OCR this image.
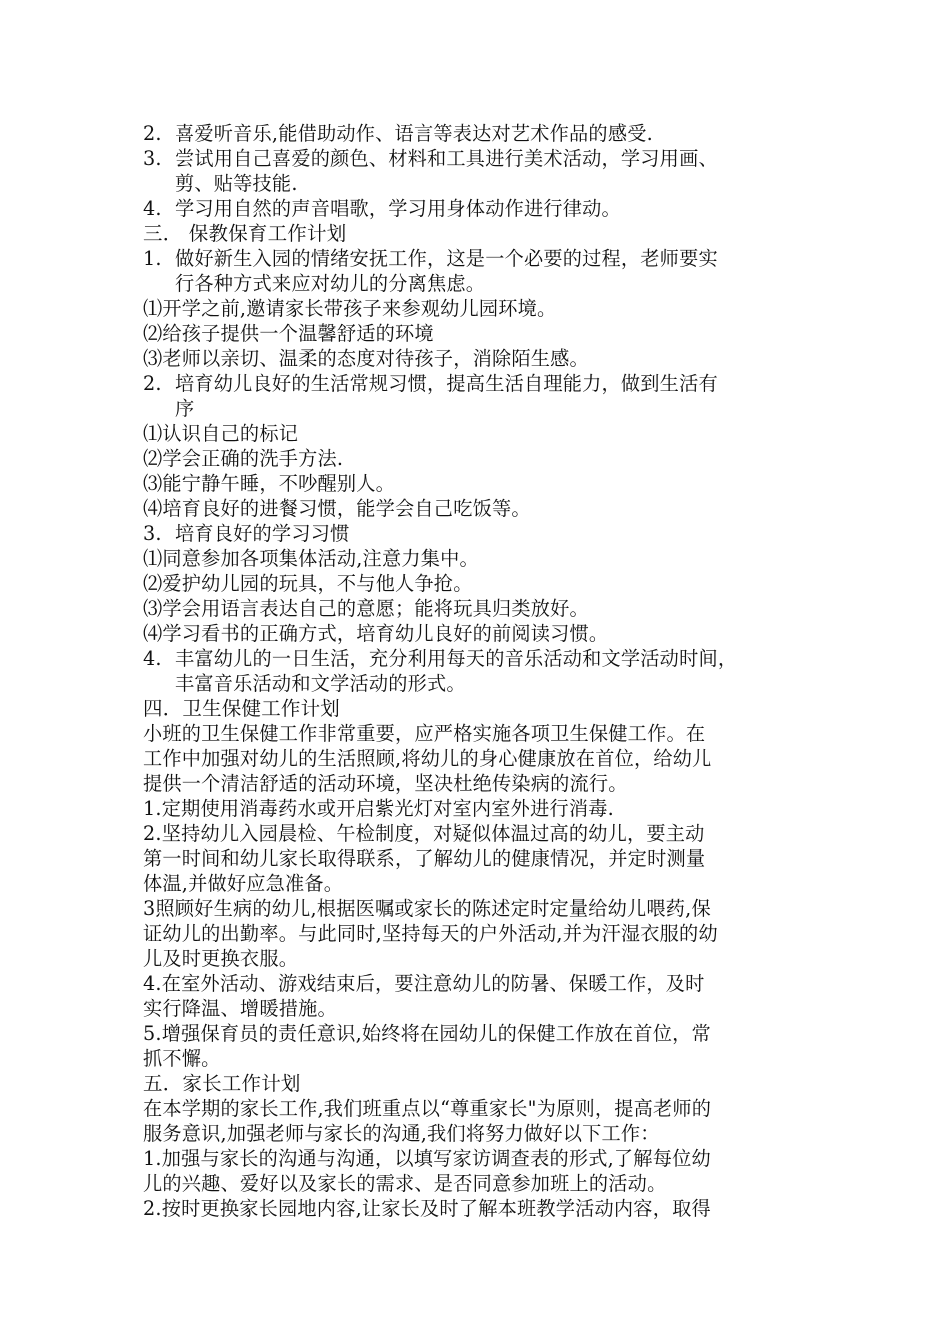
2. 喜爱听音乐,能借助动作、语言等表达对艺术作品的感受.
3. 尝试用自己喜爱的颜色、材料和工具进行美术活动，学习用画、
剪、贴等技能.
4. 学习用自然的声音唱歌，学习用身体动作进行律动。
三． 保教保育工作计划
1. 做好新生入园的情绪安抚工作，这是一个必要的过程，老师要实
行各种方式来应对幼儿的分离焦虑。
⑴开学之前,邀请家长带孩子来参观幼儿园环境。
⑵给孩子提供一个温馨舒适的环境
⑶老师以亲切、温柔的态度对待孩子，消除陌生感。
2. 培育幼儿良好的生活常规习惯，提高生活自理能力，做到生活有
序
⑴认识自己的标记
⑵学会正确的洗手方法.
⑶能宁静午睡，不吵醒别人。
⑷培育良好的进餐习惯，能学会自己吃饭等。
3. 培育良好的学习习惯
⑴同意参加各项集体活动,注意力集中。
⑵爱护幼儿园的玩具，不与他人争抢。
⑶学会用语言表达自己的意愿；能将玩具归类放好。
⑷学习看书的正确方式，培育幼儿良好的前阅读习惯。
4. 丰富幼儿的一日生活，充分利用每天的音乐活动和文学活动时间，
丰富音乐活动和文学活动的形式。
四．卫生保健工作计划
小班的卫生保健工作非常重要，应严格实施各项卫生保健工作。在
工作中加强对幼儿的生活照顾,将幼儿的身心健康放在首位，给幼儿
提供一个清洁舒适的活动环境，坚决杜绝传染病的流行。
1.定期使用消毒药水或开启紫光灯对室内室外进行消毒.
2.坚持幼儿入园晨检、午检制度，对疑似体温过高的幼儿，要主动
第一时间和幼儿家长取得联系，了解幼儿的健康情况，并定时测量
体温,并做好应急准备。
3照顾好生病的幼儿,根据医嘱或家长的陈述定时定量给幼儿喂药,保
证幼儿的出勤率。与此同时,坚持每天的户外活动,并为汗湿衣服的幼
儿及时更换衣服。
4.在室外活动、游戏结束后，要注意幼儿的防暑、保暖工作，及时
实行降温、增暖措施。
5.增强保育员的责任意识,始终将在园幼儿的保健工作放在首位，常
抓不懈。
五．家长工作计划
在本学期的家长工作,我们班重点以“尊重家长"为原则，提高老师的
服务意识,加强老师与家长的沟通,我们将努力做好以下工作：
1.加强与家长的沟通与沟通，以填写家访调查表的形式,了解每位幼
儿的兴趣、爱好以及家长的需求、是否同意参加班上的活动。
2.按时更换家长园地内容,让家长及时了解本班教学活动内容，取得
